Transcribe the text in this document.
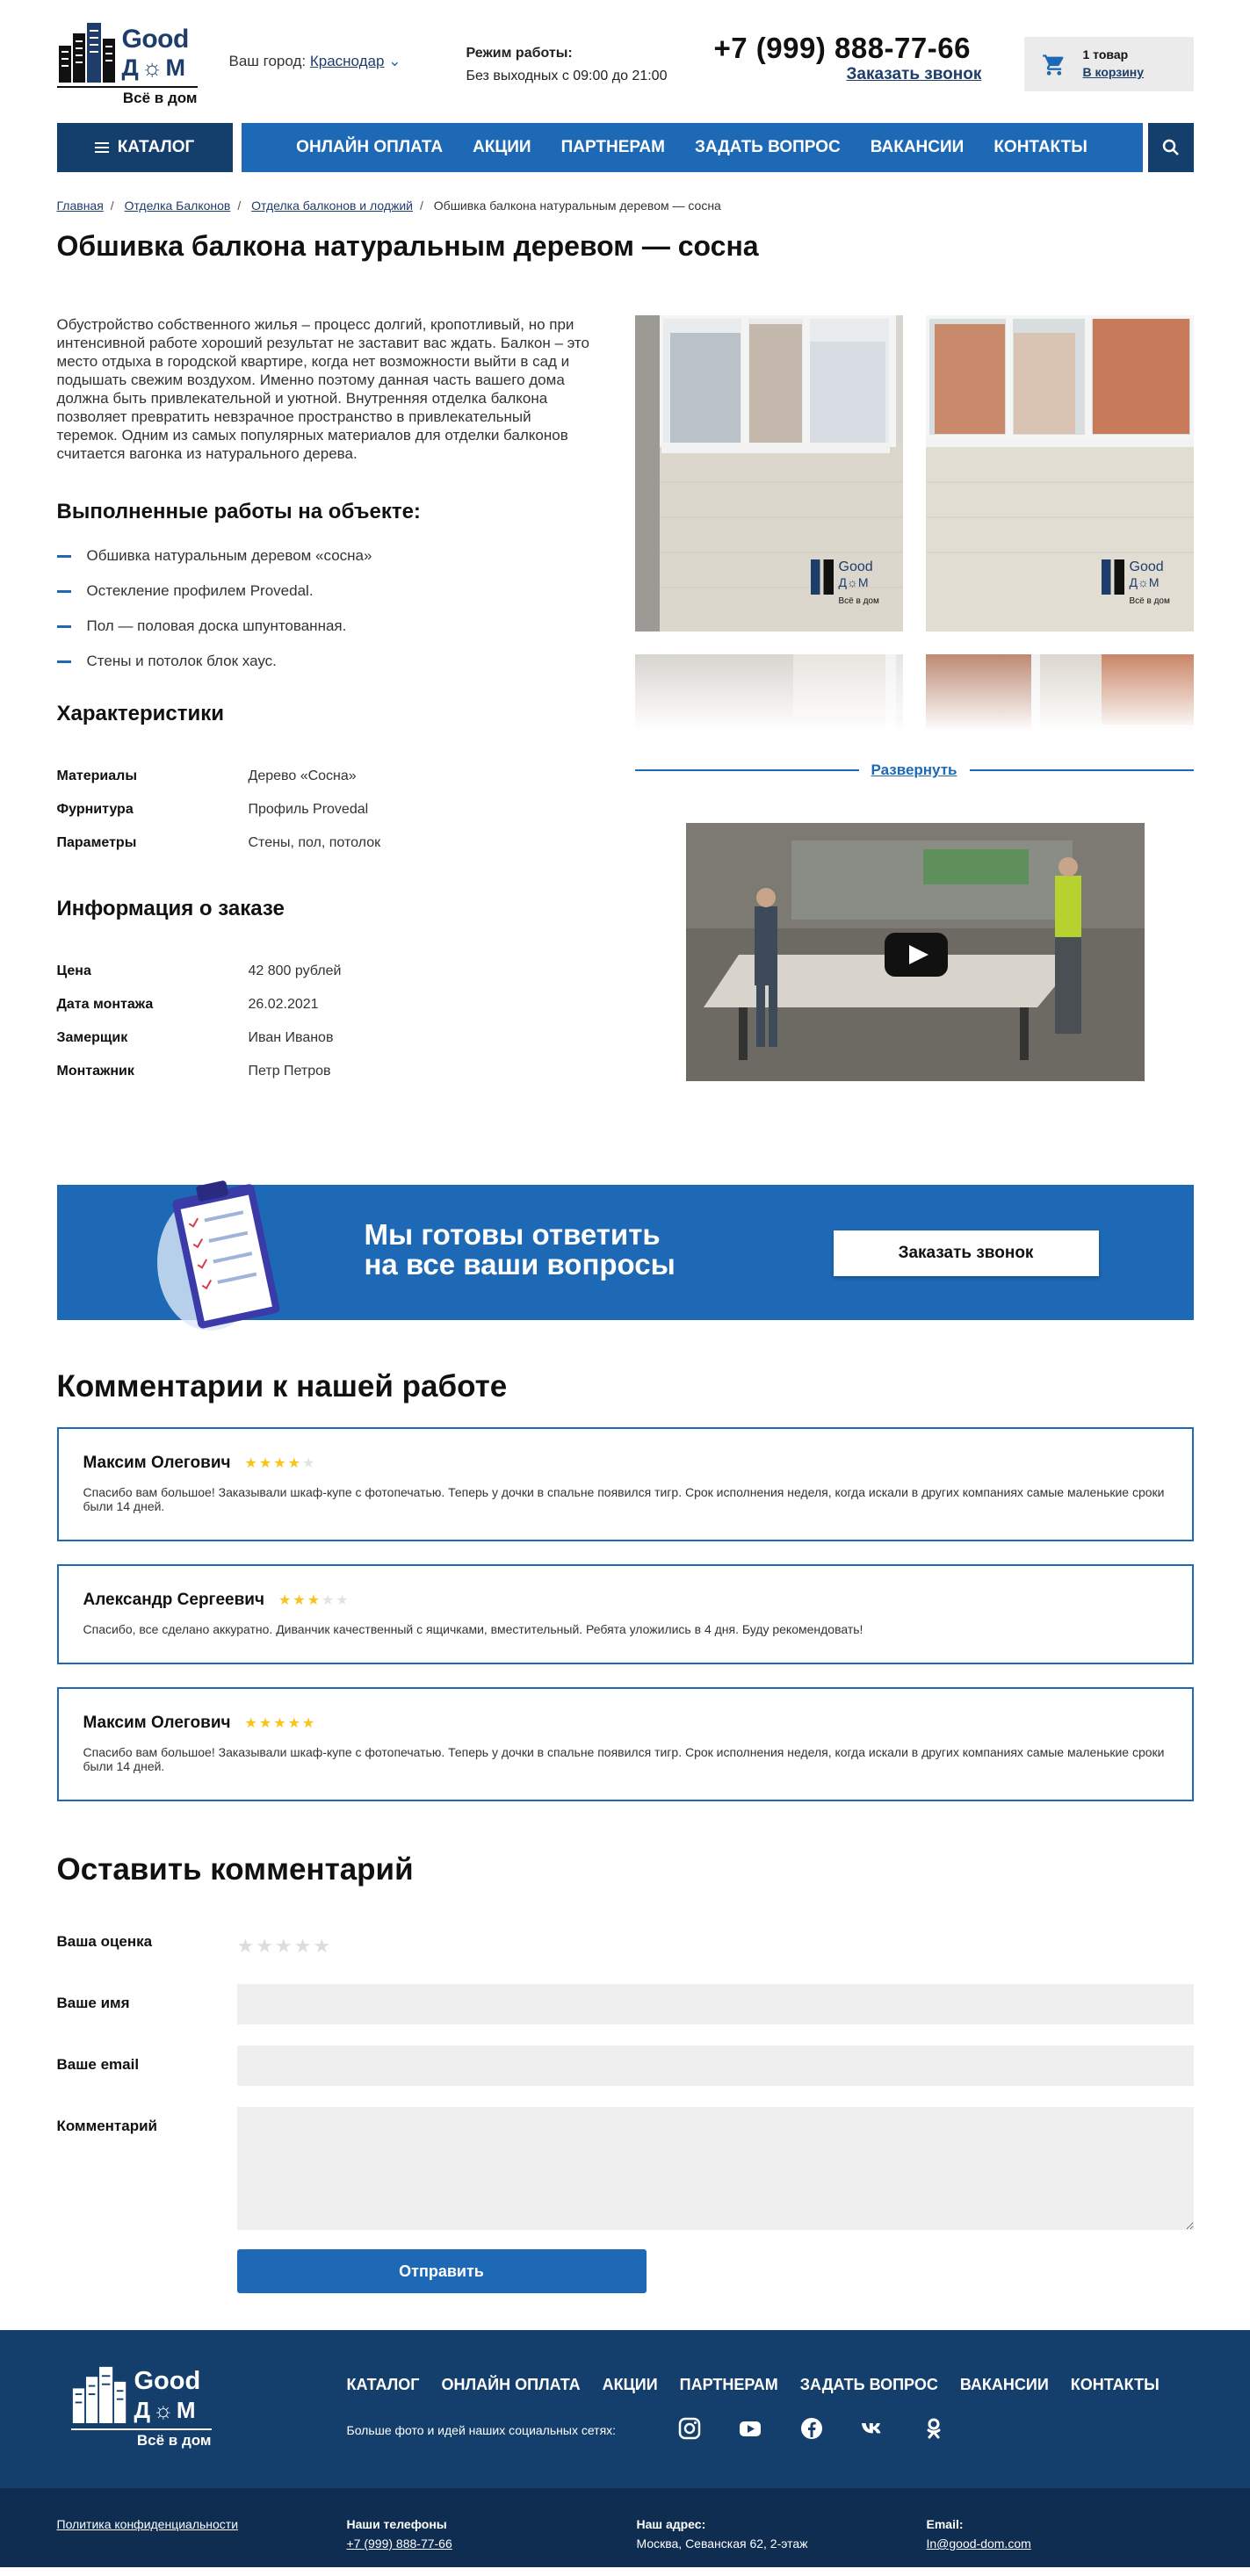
Good
Д☼М
Всё в дом
Ваш город: Краснодар ⌄	Режим работы:
Без выходных с 09:00 до 21:00
+7 (999) 888-77-66
Заказать звонок
1 товар
В корзину
КАТАЛОГ	ОНЛАЙН ОПЛАТА	АКЦИИ	ПАРТНЕРАМ	ЗАДАТЬ ВОПРОС	ВАКАНСИИ	КОНТАКТЫ
Главная / Отделка Балконов / Отделка балконов и лоджий / Обшивка балкона натуральным деревом — сосна
Обшивка балкона натуральным деревом — сосна

Обустройство собственного жилья – процесс долгий, кропотливый, но при интенсивной работе хороший результат не заставит вас ждать. Балкон – это место отдыха в городской квартире, когда нет возможности выйти в сад и подышать свежим воздухом. Именно поэтому данная часть вашего дома должна быть привлекательной и уютной. Внутренняя отделка балкона позволяет превратить невзрачное пространство в привлекательный теремок. Одним из самых популярных материалов для отделки балконов считается вагонка из натурального дерева.

Выполненные работы на объекте:
Обшивка натуральным деревом «сосна»
Остекление профилем Provedal.
Пол — половая доска шпунтованная.
Стены и потолок блок хаус.
Характеристики
Материалы	Дерево «Сосна»
Фурнитура	Профиль Provedal
Параметры	Стены, пол, потолок
Информация о заказе
Цена	42 800 рублей
Дата монтажа	26.02.2021
Замерщик	Иван Иванов
Монтажник	Петр Петров
Good
Д☼М
Всё в дом
Good
Д☼М
Всё в дом
Развернуть
Мы готовы ответить
на все ваши вопросы	Заказать звонок
Комментарии к нашей работе
Максим Олегович ★★★★★
Спасибо вам большое! Заказывали шкаф-купе с фотопечатью. Теперь у дочки в спальне появился тигр. Срок исполнения неделя, когда искали в других компаниях самые маленькие сроки были 14 дней.
Александр Сергеевич ★★★★★
Спасибо, все сделано аккуратно. Диванчик качественный с ящичками, вместительный. Ребята уложились в 4 дня. Буду рекомендовать!
Максим Олегович ★★★★★
Спасибо вам большое! Заказывали шкаф-купе с фотопечатью. Теперь у дочки в спальне появился тигр. Срок исполнения неделя, когда искали в других компаниях самые маленькие сроки были 14 дней.
Оставить комментарий
Ваша оценка	★★★★★
Ваше имя
Ваше email
Комментарий
Отправить
Good
Д☼М
Всё в дом
КАТАЛОГ ОНЛАЙН ОПЛАТА АКЦИИ ПАРТНЕРАМ ЗАДАТЬ ВОПРОС ВАКАНСИИ КОНТАКТЫ
Больше фото и идей наших социальных сетях:
Политика конфиденциальности	Наши телефоны
+7 (999) 888-77-66
Наш адрес:
Москва, Севанская 62, 2-этаж
Email:
In@good-dom.com
